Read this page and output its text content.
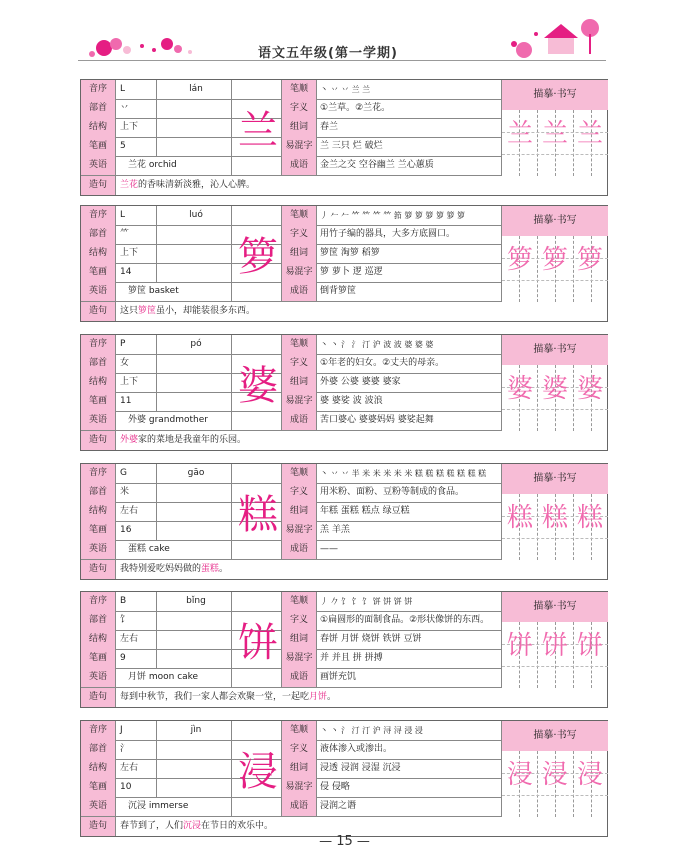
语文五年级(第一学期)
音序	L	lán	笔顺	丶 丷 丷 兰 兰
部首	丷	字义	①兰草。②兰花。
结构	上下	组词	春兰
笔画	5	易混字 兰 三只 烂 破烂
英语	兰花 orchid	成语	金兰之交 空谷幽兰 兰心蕙质
造句	兰花的香味清新淡雅，沁人心脾。
兰
描摹·书写
兰 兰 兰
音序	L	luó	笔顺	丿 𠂉 𠂉 𥫗 𥫗 𥫗 𥫗 筘 箩 箩 箩 箩 箩 箩
部首	⺮	字义	用竹子编的器具，大多方底圆口。
结构	上下	组词	箩筐 淘箩 稻箩
笔画	14	易混字 箩 萝卜 逻 巡逻
英语	箩筐 basket	成语	倒背箩筐
造句	这只箩筐虽小，却能装很多东西。
箩
描摹·书写
箩 箩 箩
音序	P	pó	笔顺	丶 丶 氵 氵 汀 沪 波 波 婆 婆 婆
部首	女	字义	①年老的妇女。②丈夫的母亲。
结构	上下	组词	外婆 公婆 婆婆 婆家
笔画	11	易混字 婆 婆娑 波 波浪
英语	外婆 grandmother	成语	苦口婆心 婆婆妈妈 婆娑起舞
造句	外婆家的菜地是我童年的乐园。
婆
描摹·书写
婆 婆 婆
音序	G	gāo	笔顺	丶 丷 丷 半 米 米 米 米 米 糕 糕 糕 糕 糕 糕 糕
部首	米	字义	用米粉、面粉、豆粉等制成的食品。
结构	左右	组词	年糕 蛋糕 糕点 绿豆糕
笔画	16	易混字 羔 羊羔
英语	蛋糕 cake	成语	——
造句	我特别爱吃妈妈做的蛋糕。
糕
描摹·书写
糕 糕 糕
音序	B	bǐng	笔顺	丿 𠂊 饣 饣 饣 饼 饼 饼 饼
部首	饣	字义	①扁圆形的面制食品。②形状像饼的东西。
结构	左右	组词	春饼 月饼 烧饼 铁饼 豆饼
笔画	9	易混字 并 并且 拼 拼搏
英语	月饼 moon cake	成语	画饼充饥
造句	每到中秋节，我们一家人都会欢聚一堂，一起吃月饼。
饼
描摹·书写
饼 饼 饼
音序	J	jìn	笔顺	丶 丶 氵 汀 汀 沪 浔 浔 浸 浸
部首	氵	字义	液体渗入或渗出。
结构	左右	组词	浸透 浸润 浸湿 沉浸
笔画	10	易混字 侵 侵略
英语	沉浸 immerse	成语	浸润之谮
造句	春节到了，人们沉浸在节日的欢乐中。
浸
描摹·书写
浸 浸 浸
— 15 —
